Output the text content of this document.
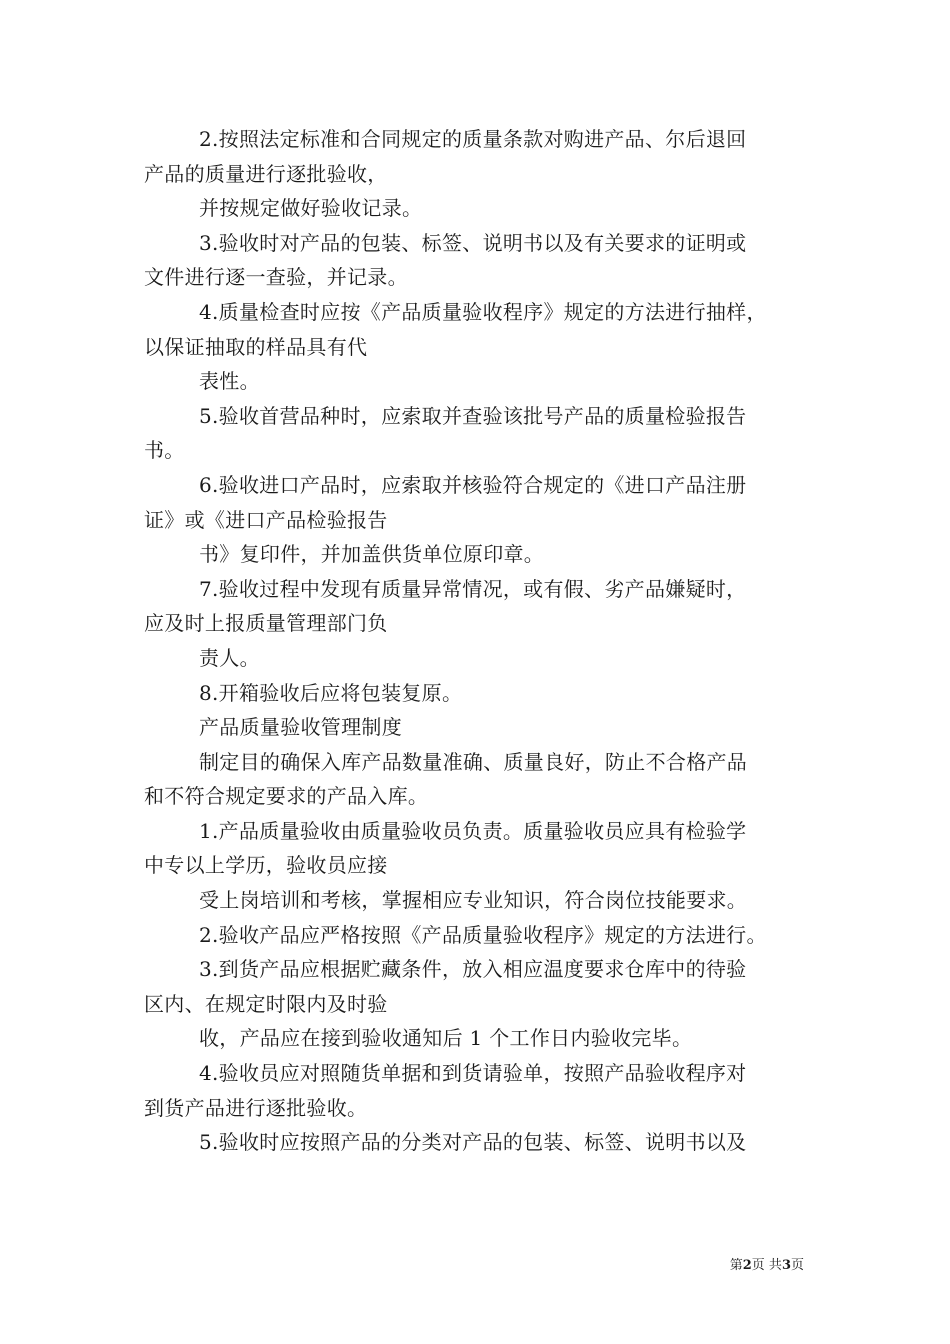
2.按照法定标准和合同规定的质量条款对购进产品、尔后退回
产品的质量进行逐批验收，
并按规定做好验收记录。
3.验收时对产品的包装、标签、说明书以及有关要求的证明或
文件进行逐一查验，并记录。
4.质量检查时应按《产品质量验收程序》规定的方法进行抽样，
以保证抽取的样品具有代
表性。
5.验收首营品种时，应索取并查验该批号产品的质量检验报告
书。
6.验收进口产品时，应索取并核验符合规定的《进口产品注册
证》或《进口产品检验报告
书》复印件，并加盖供货单位原印章。
7.验收过程中发现有质量异常情况，或有假、劣产品嫌疑时，
应及时上报质量管理部门负
责人。
8.开箱验收后应将包装复原。
产品质量验收管理制度
制定目的确保入库产品数量准确、质量良好，防止不合格产品
和不符合规定要求的产品入库。
1.产品质量验收由质量验收员负责。质量验收员应具有检验学
中专以上学历，验收员应接
受上岗培训和考核，掌握相应专业知识，符合岗位技能要求。
2.验收产品应严格按照《产品质量验收程序》规定的方法进行。
3.到货产品应根据贮藏条件，放入相应温度要求仓库中的待验
区内、在规定时限内及时验
收，产品应在接到验收通知后 1 个工作日内验收完毕。
4.验收员应对照随货单据和到货请验单，按照产品验收程序对
到货产品进行逐批验收。
5.验收时应按照产品的分类对产品的包装、标签、说明书以及
第2页 共3页
